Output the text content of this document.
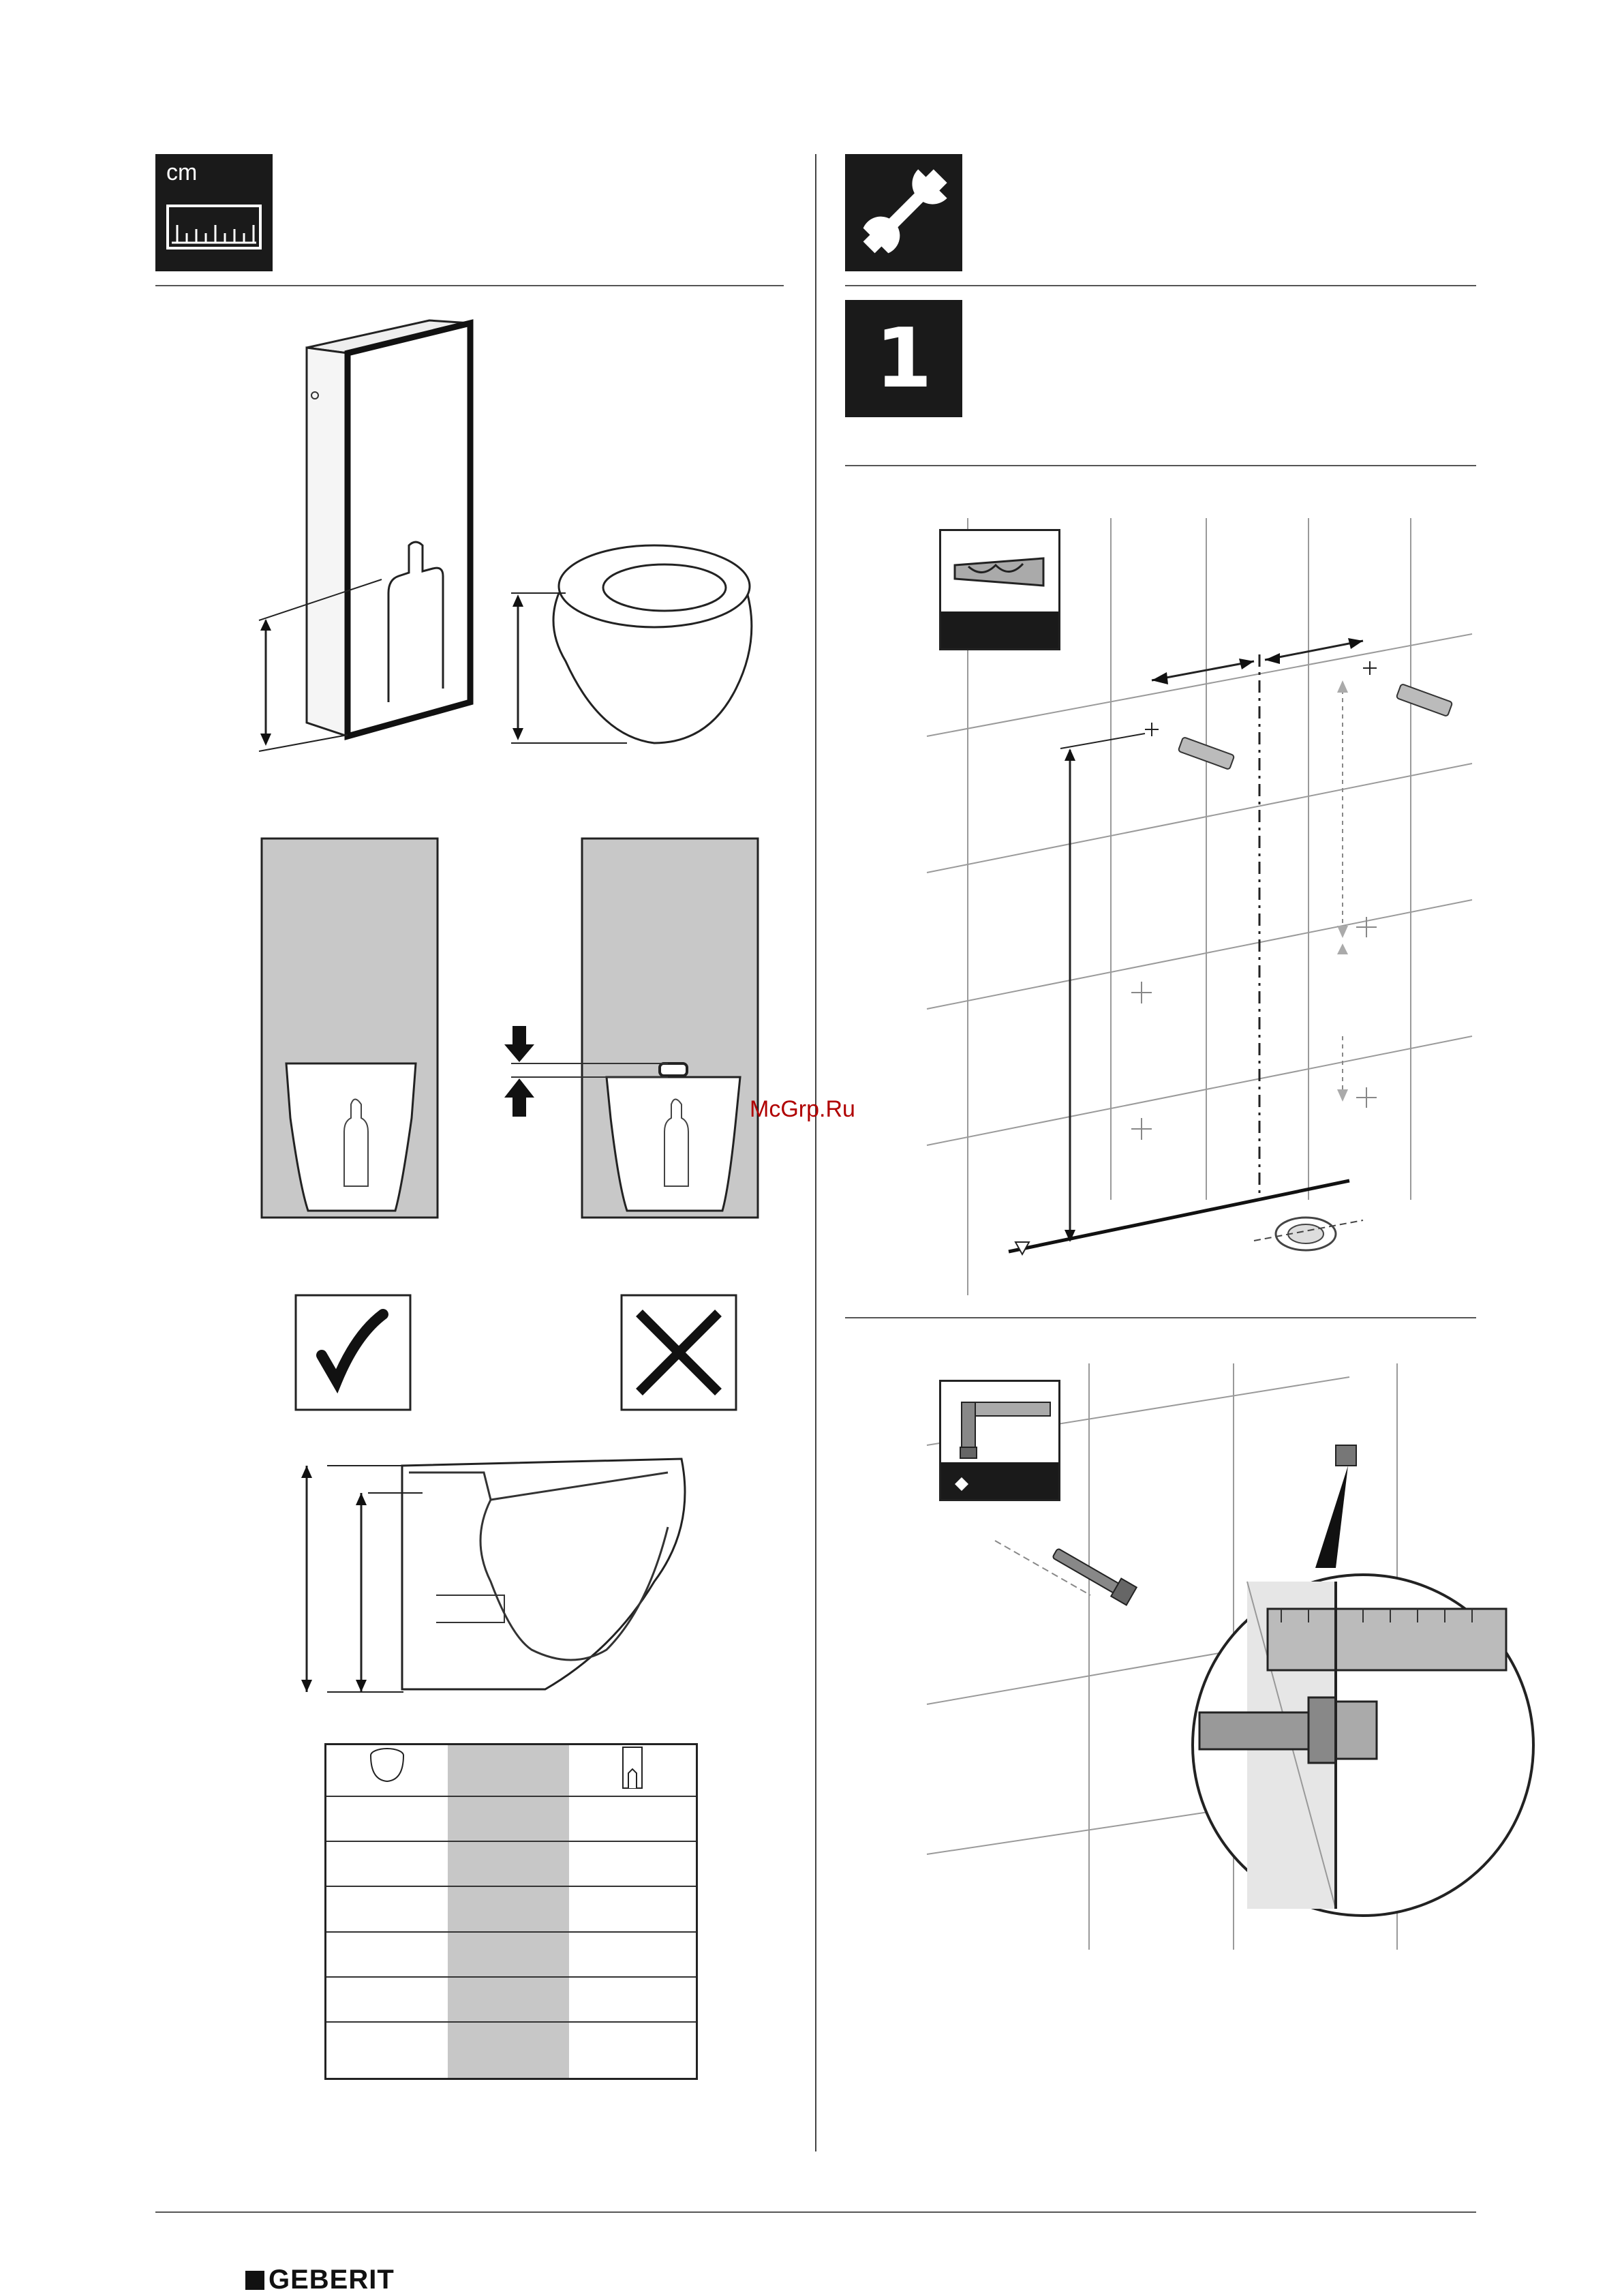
cm
1

McGrp.Ru
GEBERIT
